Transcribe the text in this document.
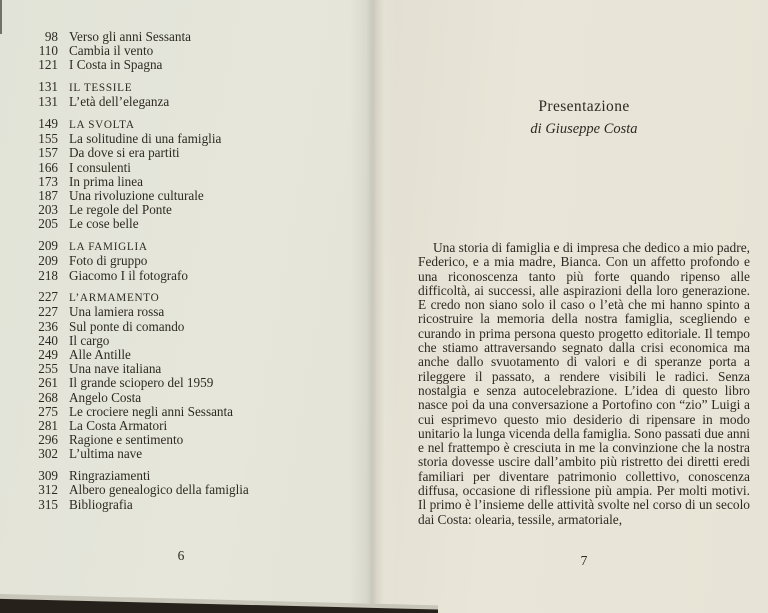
98 Verso gli anni Sessanta
110 Cambia il vento
121 I Costa in Spagna
131 IL TESSILE
131 L’età dell’eleganza
149 LA SVOLTA
155 La solitudine di una famiglia
157 Da dove si era partiti
166 I consulenti
173 In prima linea
187 Una rivoluzione culturale
203 Le regole del Ponte
205 Le cose belle
209 LA FAMIGLIA
209 Foto di gruppo
218 Giacomo I il fotografo
227 L’ARMAMENTO
227 Una lamiera rossa
236 Sul ponte di comando
240 Il cargo
249 Alle Antille
255 Una nave italiana
261 Il grande sciopero del 1959
268 Angelo Costa
275 Le crociere negli anni Sessanta
281 La Costa Armatori
296 Ragione e sentimento
302 L’ultima nave
309 Ringraziamenti
312 Albero genealogico della famiglia
315 Bibliografia
6
Presentazione
di Giuseppe Costa

Una storia di famiglia e di impresa che dedico a mio padre, Federico, e a mia madre, Bianca. Con un affetto profondo e una riconoscenza tanto più forte quando ripenso alle difficoltà, ai successi, alle aspirazioni della loro generazione. E credo non siano solo il caso o l’età che mi hanno spinto a ricostruire la memoria della nostra famiglia, scegliendo e curando in prima persona questo progetto editoriale. Il tempo che stiamo attraversando segnato dalla crisi economica ma anche dallo svuotamento di valori e di speranze porta a rileggere il passato, a rendere visibili le radici. Senza nostalgia e senza autocelebrazione. L’idea di questo libro nasce poi da una conversazione a Portofino con “zio” Luigi a cui esprimevo questo mio desiderio di ripensare in modo unitario la lunga vicenda della famiglia. Sono passati due anni e nel frattempo è cresciuta in me la convinzione che la nostra storia dovesse uscire dall’ambito più ristretto dei diretti eredi familiari per diventare patrimonio collettivo, conoscenza diffusa, occasione di riflessione più ampia. Per molti motivi. Il primo è l’insieme delle attività svolte nel corso di un secolo dai Costa: olearia, tessile, armatoriale,

7
